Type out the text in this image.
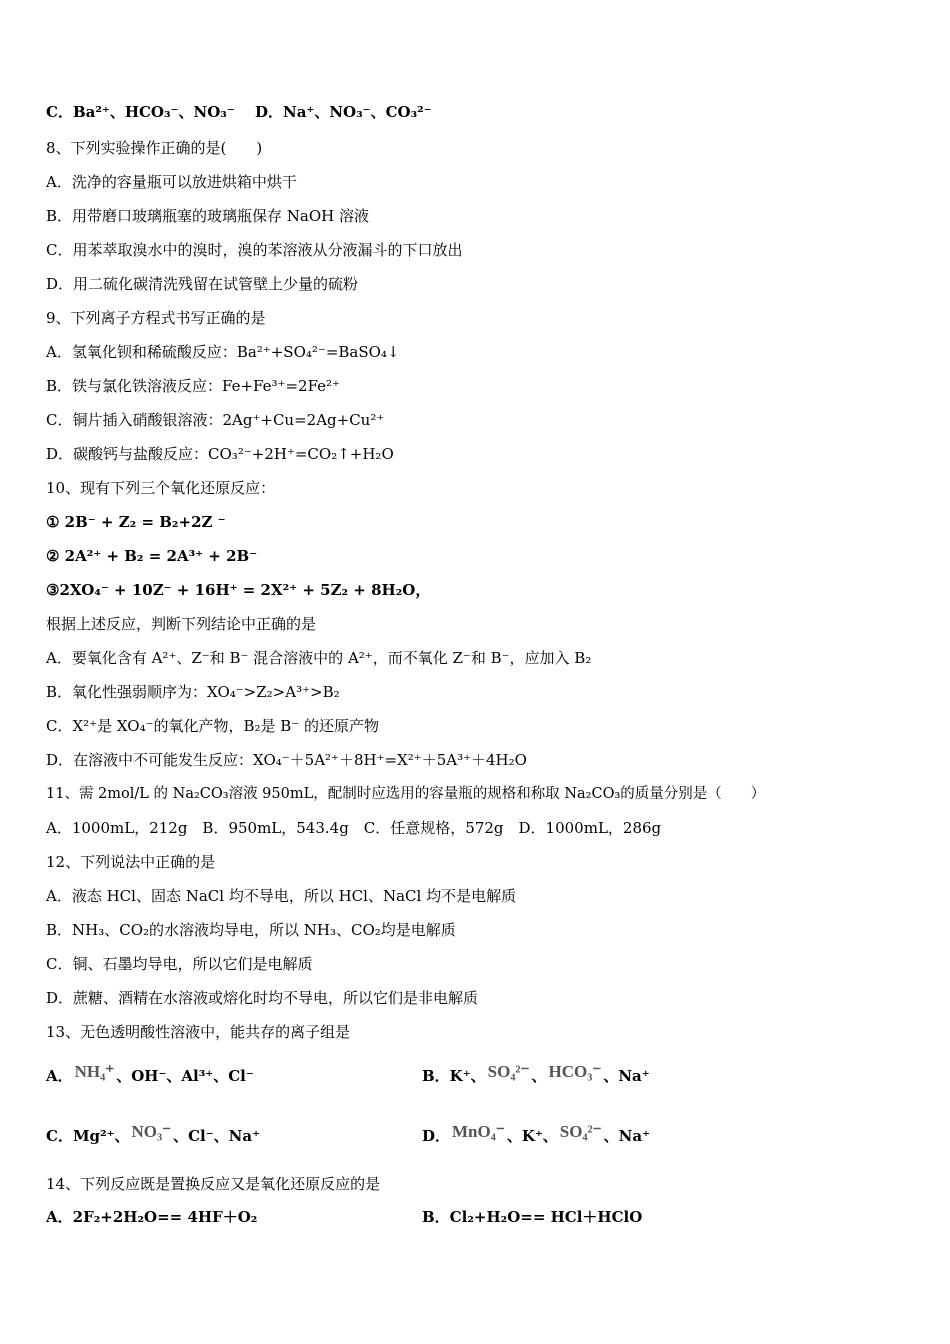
C．Ba²⁺、HCO₃⁻、NO₃⁻　 D．Na⁺、NO₃⁻、CO₃²⁻
8、下列实验操作正确的是(　　)
A．洗净的容量瓶可以放进烘箱中烘干
B．用带磨口玻璃瓶塞的玻璃瓶保存 NaOH 溶液
C．用苯萃取溴水中的溴时，溴的苯溶液从分液漏斗的下口放出
D．用二硫化碳清洗残留在试管壁上少量的硫粉
9、下列离子方程式书写正确的是
A．氢氧化钡和稀硫酸反应：Ba²⁺+SO₄²⁻=BaSO₄↓
B．铁与氯化铁溶液反应：Fe+Fe³⁺=2Fe²⁺
C．铜片插入硝酸银溶液：2Ag⁺+Cu=2Ag+Cu²⁺
D．碳酸钙与盐酸反应：CO₃²⁻+2H⁺=CO₂↑+H₂O
10、现有下列三个氧化还原反应：
① 2B⁻ + Z₂ = B₂+2Z ⁻
② 2A²⁺ + B₂ = 2A³⁺ + 2B⁻
③2XO₄⁻ + 10Z⁻ + 16H⁺ = 2X²⁺ + 5Z₂ + 8H₂O，
根据上述反应，判断下列结论中正确的是
A．要氧化含有 A²⁺、Z⁻和 B⁻ 混合溶液中的 A²⁺，而不氧化 Z⁻和 B⁻，应加入 B₂
B．氧化性强弱顺序为：XO₄⁻>Z₂>A³⁺>B₂
C．X²⁺是 XO₄⁻的氧化产物，B₂是 B⁻ 的还原产物
D．在溶液中不可能发生反应：XO₄⁻＋5A²⁺＋8H⁺=X²⁺＋5A³⁺＋4H₂O
11、需 2mol/L 的 Na₂CO₃溶液 950mL，配制时应选用的容量瓶的规格和称取 Na₂CO₃的质量分别是（　　）
A．1000mL，212g　B．950mL，543.4g　C．任意规格，572g　D．1000mL，286g
12、下列说法中正确的是
A．液态 HCl、固态 NaCl 均不导电，所以 HCl、NaCl 均不是电解质
B．NH₃、CO₂的水溶液均导电，所以 NH₃、CO₂均是电解质
C．铜、石墨均导电，所以它们是电解质
D．蔗糖、酒精在水溶液或熔化时均不导电，所以它们是非电解质
13、无色透明酸性溶液中，能共存的离子组是
A． NH₄⁺ 、OH⁻、Al³⁺、Cl⁻	B．K⁺、 SO₄²⁻ 、 HCO₃⁻ 、Na⁺
C．Mg²⁺、 NO₃⁻ 、Cl⁻、Na⁺	D． MnO₄⁻ 、K⁺、 SO₄²⁻ 、Na⁺
14、下列反应既是置换反应又是氧化还原反应的是
A．2F₂+2H₂O== 4HF＋O₂	B．Cl₂+H₂O== HCl＋HClO
